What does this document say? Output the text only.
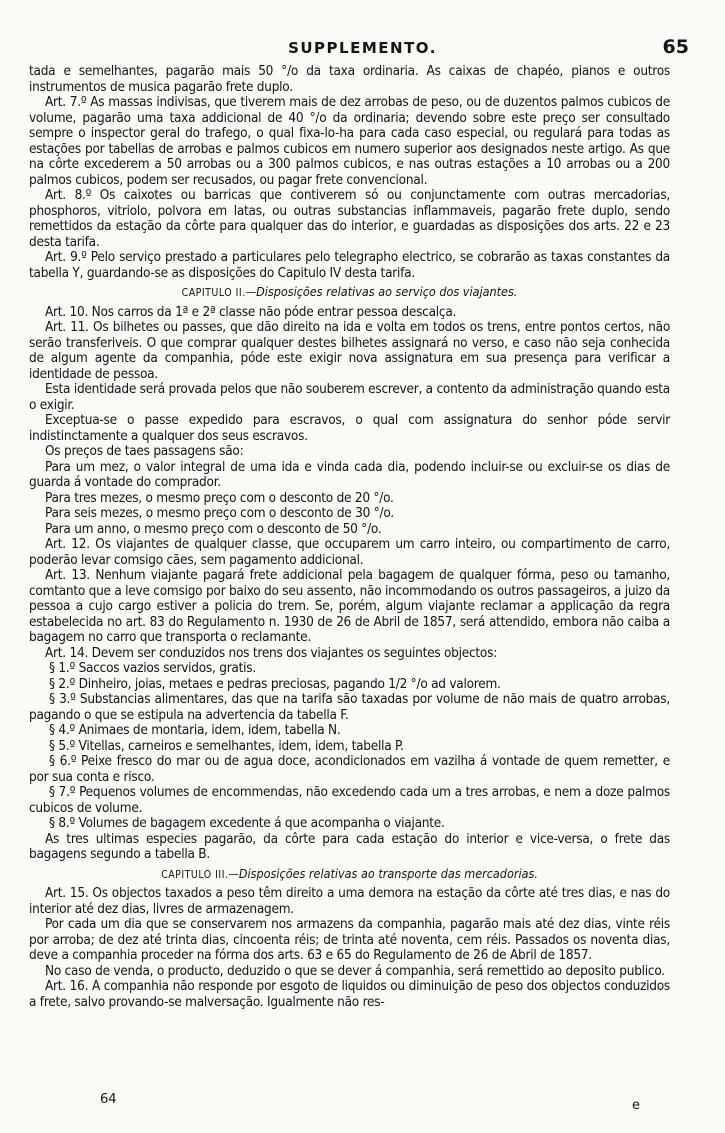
SUPPLEMENTO.	65

tada e semelhantes, pagarão mais 50 °/o da taxa ordinaria. As caixas de chapéo, pianos e outros instrumentos de musica pagarão frete duplo.

Art. 7.º As massas indivisas, que tiverem mais de dez arrobas de peso, ou de duzentos palmos cubicos de volume, pagarão uma taxa addicional de 40 °/o da ordinaria; devendo sobre este preço ser consultado sempre o inspector geral do trafego, o qual fixa-lo-ha para cada caso especial, ou regulará para todas as estações por tabellas de arrobas e palmos cubicos em numero superior aos designados neste artigo. As que na côrte excederem a 50 arrobas ou a 300 palmos cubicos, e nas outras estações a 10 arrobas ou a 200 palmos cubicos, podem ser recusados, ou pagar frete convencional.

Art. 8.º Os caixotes ou barricas que contiverem só ou conjunctamente com outras mercadorias, phosphoros, vitriolo, polvora em latas, ou outras substancias inflammaveis, pagarão frete duplo, sendo remettidos da estação da côrte para qualquer das do interior, e guardadas as disposições dos arts. 22 e 23 desta tarifa.

Art. 9.º Pelo serviço prestado a particulares pelo telegrapho electrico, se cobrarão as taxas constantes da tabella Y, guardando-se as disposições do Capitulo IV desta tarifa.

CAPITULO II.—Disposições relativas ao serviço dos viajantes.

Art. 10. Nos carros da 1ª e 2ª classe não póde entrar pessoa descalça.

Art. 11. Os bilhetes ou passes, que dão direito na ida e volta em todos os trens, entre pontos certos, não serão transferiveis. O que comprar qualquer destes bilhetes assignará no verso, e caso não seja conhecida de algum agente da companhia, póde este exigir nova assignatura em sua presença para verificar a identidade de pessoa.

Esta identidade será provada pelos que não souberem escrever, a contento da administração quando esta o exigir.

Exceptua-se o passe expedido para escravos, o qual com assignatura do senhor póde servir indistinctamente a qualquer dos seus escravos.

Os preços de taes passagens são:

Para um mez, o valor integral de uma ida e vinda cada dia, podendo incluir-se ou excluir-se os dias de guarda á vontade do comprador.

Para tres mezes, o mesmo preço com o desconto de 20 °/o.

Para seis mezes, o mesmo preço com o desconto de 30 °/o.

Para um anno, o mesmo preço com o desconto de 50 °/o.

Art. 12. Os viajantes de qualquer classe, que occuparem um carro inteiro, ou compartimento de carro, poderão levar comsigo cães, sem pagamento addicional.

Art. 13. Nenhum viajante pagará frete addicional pela bagagem de qualquer fórma, peso ou tamanho, comtanto que a leve comsigo por baixo do seu assento, não incommodando os outros passageiros, a juizo da pessoa a cujo cargo estiver a policia do trem. Se, porém, algum viajante reclamar a applicação da regra estabelecida no art. 83 do Regulamento n. 1930 de 26 de Abril de 1857, será attendido, embora não caiba a bagagem no carro que transporta o reclamante.

Art. 14. Devem ser conduzidos nos trens dos viajantes os seguintes objectos:

§ 1.º Saccos vazios servidos, gratis.

§ 2.º Dinheiro, joias, metaes e pedras preciosas, pagando 1/2 °/o ad valorem.

§ 3.º Substancias alimentares, das que na tarifa são taxadas por volume de não mais de quatro arrobas, pagando o que se estipula na advertencia da tabella F.

§ 4.º Animaes de montaria, idem, idem, tabella N.

§ 5.º Vitellas, carneiros e semelhantes, idem, idem, tabella P.

§ 6.º Peixe fresco do mar ou de agua doce, acondicionados em vazilha á vontade de quem remetter, e por sua conta e risco.

§ 7.º Pequenos volumes de encommendas, não excedendo cada um a tres arrobas, e nem a doze palmos cubicos de volume.

§ 8.º Volumes de bagagem excedente á que acompanha o viajante.

As tres ultimas especies pagarão, da côrte para cada estação do interior e vice-versa, o frete das bagagens segundo a tabella B.

CAPITULO III.—Disposições relativas ao transporte das mercadorias.

Art. 15. Os objectos taxados a peso têm direito a uma demora na estação da côrte até tres dias, e nas do interior até dez dias, livres de armazenagem.

Por cada um dia que se conservarem nos armazens da companhia, pagarão mais até dez dias, vinte réis por arroba; de dez até trinta dias, cincoenta réis; de trinta até noventa, cem réis. Passados os noventa dias, deve a companhia proceder na fórma dos arts. 63 e 65 do Regulamento de 26 de Abril de 1857.

No caso de venda, o producto, deduzido o que se dever á companhia, será remettido ao deposito publico.

Art. 16. A companhia não responde por esgoto de liquidos ou diminuição de peso dos objectos conduzidos a frete, salvo provando-se malversação. Igualmente não res-

64	e
